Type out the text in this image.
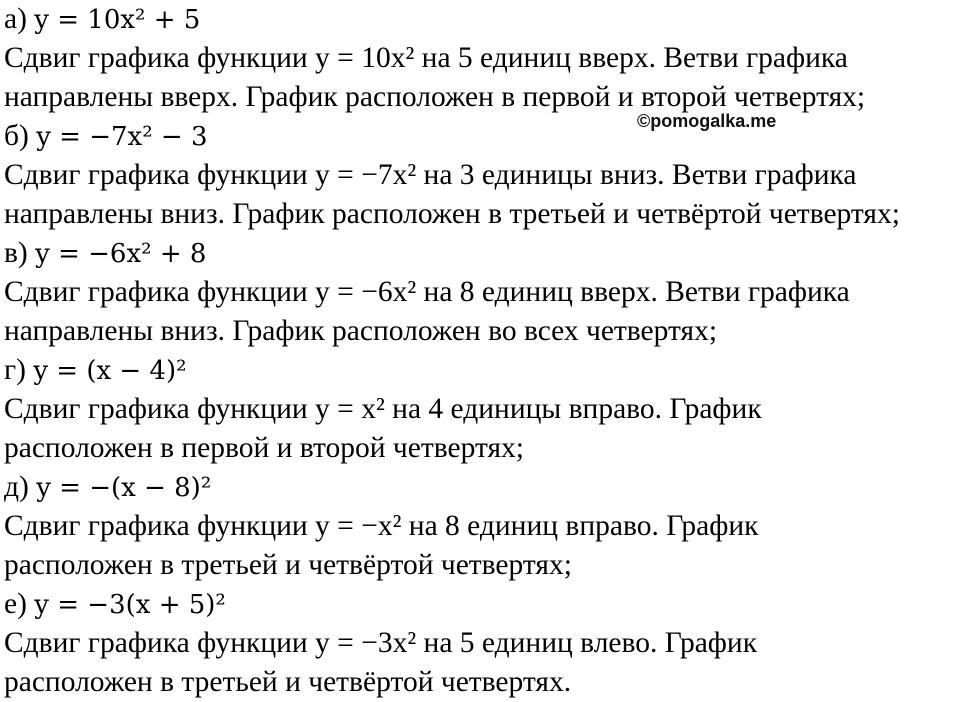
а) y = 10x² + 5
Сдвиг графика функции y = 10x² на 5 единиц вверх. Ветви графика
направлены вверх. График расположен в первой и второй четвертях;
б) y = −7x² − 3
Сдвиг графика функции y = −7x² на 3 единицы вниз. Ветви графика
направлены вниз. График расположен в третьей и четвёртой четвертях;
в) y = −6x² + 8
Сдвиг графика функции y = −6x² на 8 единиц вверх. Ветви графика
направлены вниз. График расположен во всех четвертях;
г) y = (x − 4)²
Сдвиг графика функции y = x² на 4 единицы вправо. График
расположен в первой и второй четвертях;
д) y = −(x − 8)²
Сдвиг графика функции y = −x² на 8 единиц вправо. График
расположен в третьей и четвёртой четвертях;
е) y = −3(x + 5)²
Сдвиг графика функции y = −3x² на 5 единиц влево. График
расположен в третьей и четвёртой четвертях.
©pomogalka.me
